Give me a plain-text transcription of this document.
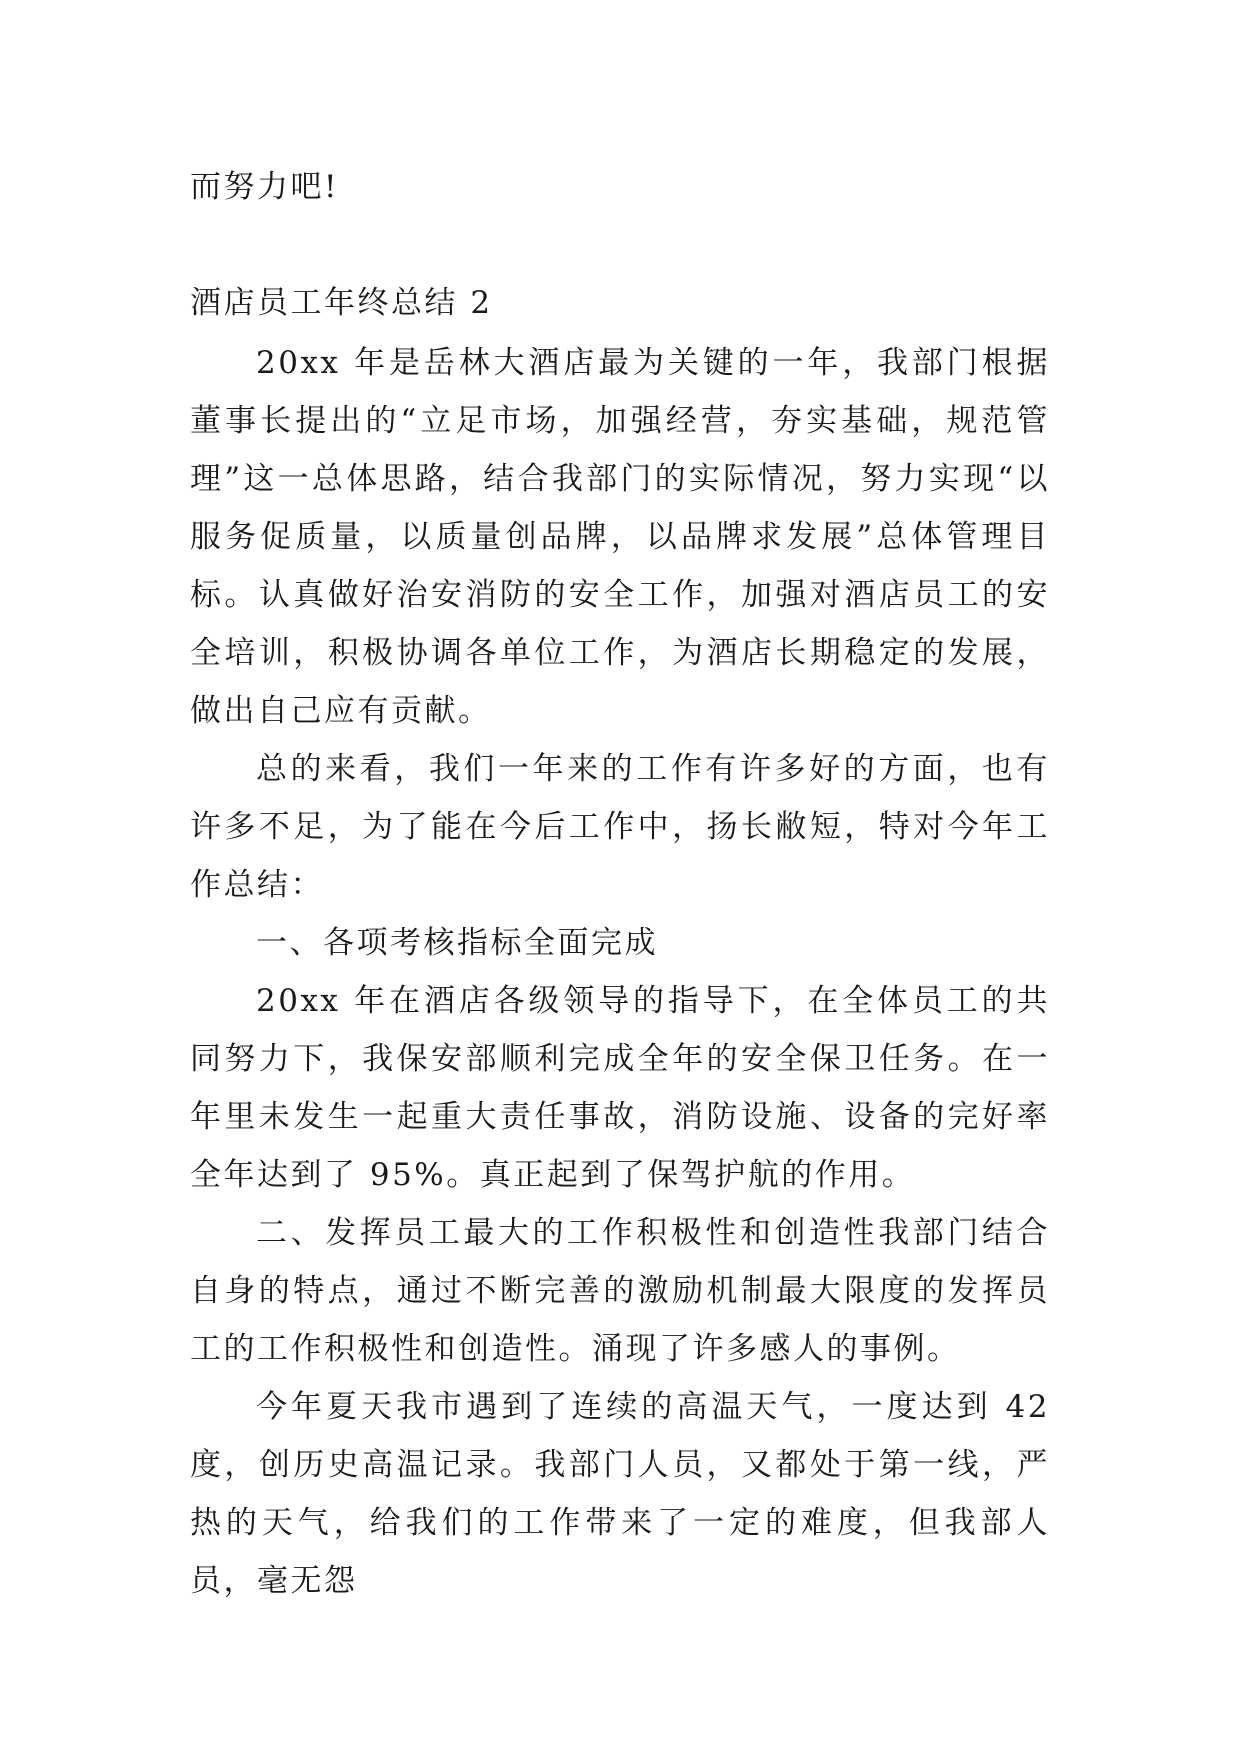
而努力吧!

酒店员工年终总结 2

20xx 年是岳林大酒店最为关键的一年，我部门根据董事长提出的“立足市场，加强经营，夯实基础，规范管理”这一总体思路，结合我部门的实际情况，努力实现“以服务促质量，以质量创品牌，以品牌求发展”总体管理目标。认真做好治安消防的安全工作，加强对酒店员工的安全培训，积极协调各单位工作，为酒店长期稳定的发展，做出自己应有贡献。

总的来看，我们一年来的工作有许多好的方面，也有许多不足，为了能在今后工作中，扬长敝短，特对今年工作总结：

一、各项考核指标全面完成

20xx 年在酒店各级领导的指导下，在全体员工的共同努力下，我保安部顺利完成全年的安全保卫任务。在一年里未发生一起重大责任事故，消防设施、设备的完好率全年达到了 95%。真正起到了保驾护航的作用。

二、发挥员工最大的工作积极性和创造性我部门结合自身的特点，通过不断完善的激励机制最大限度的发挥员工的工作积极性和创造性。涌现了许多感人的事例。

今年夏天我市遇到了连续的高温天气，一度达到 42 度，创历史高温记录。我部门人员，又都处于第一线，严热的天气，给我们的工作带来了一定的难度，但我部人员，毫无怨
